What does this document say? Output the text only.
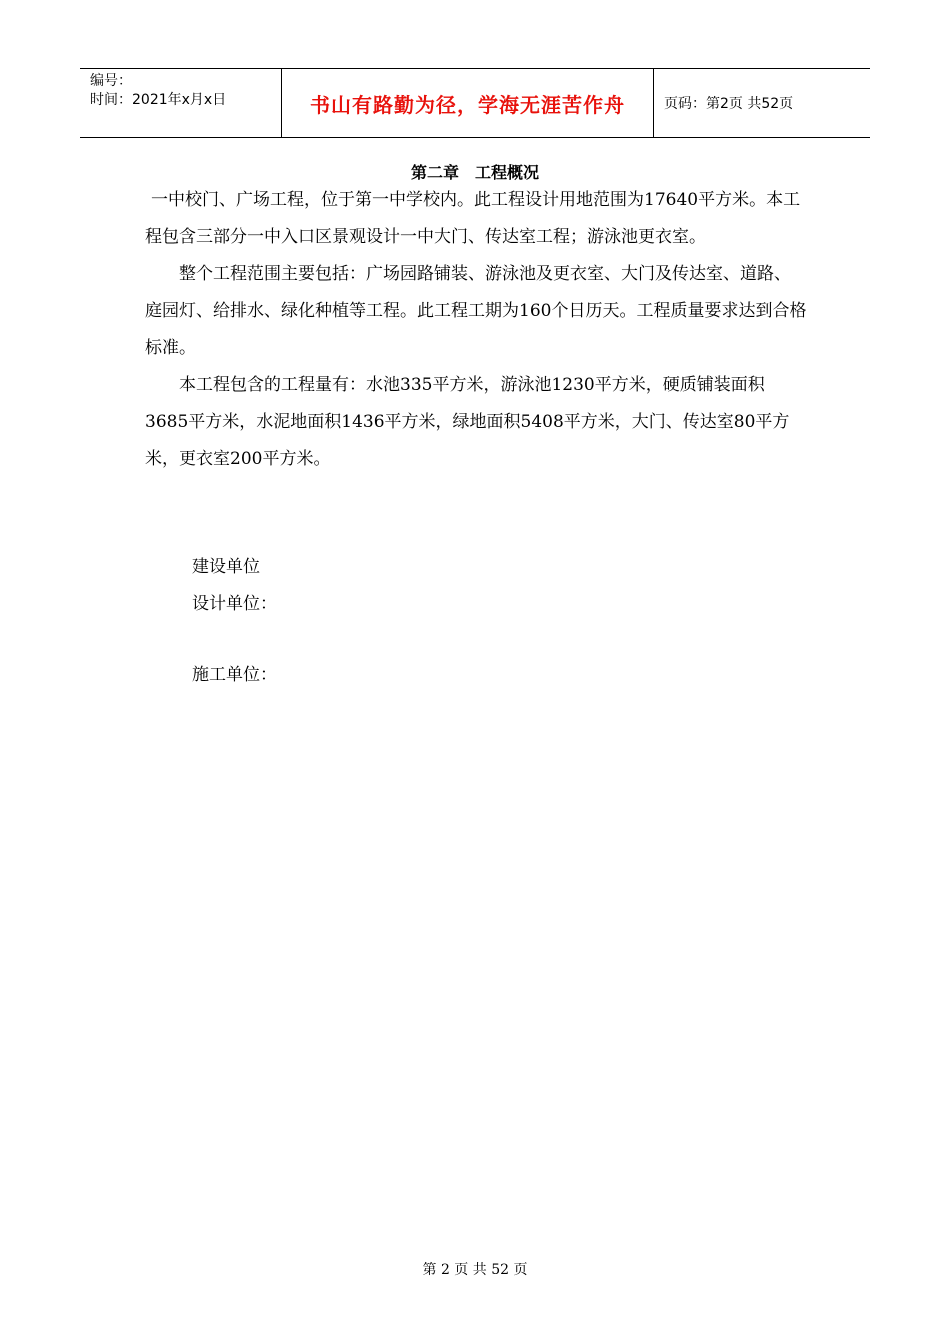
编号：
时间：2021年x月x日	书山有路勤为径，学海无涯苦作舟	页码：第2页 共52页
第二章　工程概况

一中校门、广场工程，位于第一中学校内。此工程设计用地范围为17640平方米。本工程包含三部分一中入口区景观设计一中大门、传达室工程；游泳池更衣室。

整个工程范围主要包括：广场园路铺装、游泳池及更衣室、大门及传达室、道路、庭园灯、给排水、绿化种植等工程。此工程工期为160个日历天。工程质量要求达到合格标准。

本工程包含的工程量有：水池335平方米，游泳池1230平方米，硬质铺装面积3685平方米，水泥地面积1436平方米，绿地面积5408平方米，大门、传达室80平方米，更衣室200平方米。

建设单位
设计单位：
施工单位：
第 2 页 共 52 页
